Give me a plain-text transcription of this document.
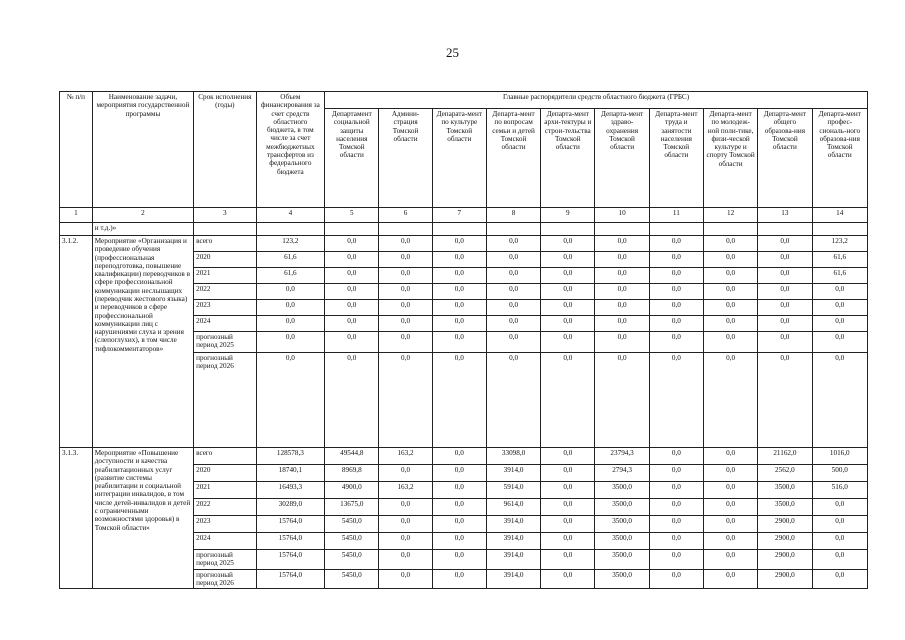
25
№ п/п	Наименование задачи, мероприятия государственной программы	Срок исполнения (годы)	Объем финансирования за счет средств областного бюджета, в том числе за счет межбюджетных трансфертов из федерального бюджета	Главные распорядители средств областного бюджета (ГРБС)									
				Департамент социальной защиты населения Томской области	Админи-страция Томской области	Депарата-мент по культуре Томской области	Департа-мент по вопросам семьи и детей Томской области	Департа-мент архи-тектуры и строи-тельства Томской области	Департа-мент здраво-охранения Томской области	Департа-мент труда и занятости населения Томской области	Департа-мент по молодеж-ной поли-тике, физи-ческой культуре и спорту Томской области	Департа-мент общего образова-ния Томской области	Департа-мент профес-сиональ-ного образова-ния Томской области
1	2	3	4	5	6	7	8	9	10	11	12	13	14
	и т.д.)»												
3.1.2.	Мероприятие «Организация и проведение обучения (профессиональная переподготовка, повышение квалификации) переводчиков в сфере профессиональной коммуникации неслышащих (переводчик жестового языка) и переводчиков в сфере профессиональной коммуникации лиц с нарушениями слуха и зрения (слепоглухих), в том числе тифлокомментаторов»	всего	123,2	0,0	0,0	0,0	0,0	0,0	0,0	0,0	0,0	0,0	123,2
		2020	61,6	0,0	0,0	0,0	0,0	0,0	0,0	0,0	0,0	0,0	61,6
		2021	61,6	0,0	0,0	0,0	0,0	0,0	0,0	0,0	0,0	0,0	61,6
		2022	0,0	0,0	0,0	0,0	0,0	0,0	0,0	0,0	0,0	0,0	0,0
		2023	0,0	0,0	0,0	0,0	0,0	0,0	0,0	0,0	0,0	0,0	0,0
		2024	0,0	0,0	0,0	0,0	0,0	0,0	0,0	0,0	0,0	0,0	0,0
		прогнозный период 2025	0,0	0,0	0,0	0,0	0,0	0,0	0,0	0,0	0,0	0,0	0,0
		прогнозный период 2026	0,0	0,0	0,0	0,0	0,0	0,0	0,0	0,0	0,0	0,0	0,0
3.1.3.	Мероприятие «Повышение доступности и качества реабилитационных услуг (развитие системы реабилитации и социальной интеграции инвалидов, в том числе детей-инвалидов и детей с ограниченными возможностями здоровья) в Томской области»	всего	128578,3	49544,8	163,2	0,0	33098,0	0,0	23794,3	0,0	0,0	21162,0	1016,0
		2020	18740,1	8969,8	0,0	0,0	3914,0	0,0	2794,3	0,0	0,0	2562,0	500,0
		2021	16493,3	4900,0	163,2	0,0	5914,0	0,0	3500,0	0,0	0,0	3500,0	516,0
		2022	30289,0	13675,0	0,0	0,0	9614,0	0,0	3500,0	0,0	0,0	3500,0	0,0
		2023	15764,0	5450,0	0,0	0,0	3914,0	0,0	3500,0	0,0	0,0	2900,0	0,0
		2024	15764,0	5450,0	0,0	0,0	3914,0	0,0	3500,0	0,0	0,0	2900,0	0,0
		прогнозный период 2025	15764,0	5450,0	0,0	0,0	3914,0	0,0	3500,0	0,0	0,0	2900,0	0,0
		прогнозный период 2026	15764,0	5450,0	0,0	0,0	3914,0	0,0	3500,0	0,0	0,0	2900,0	0,0
